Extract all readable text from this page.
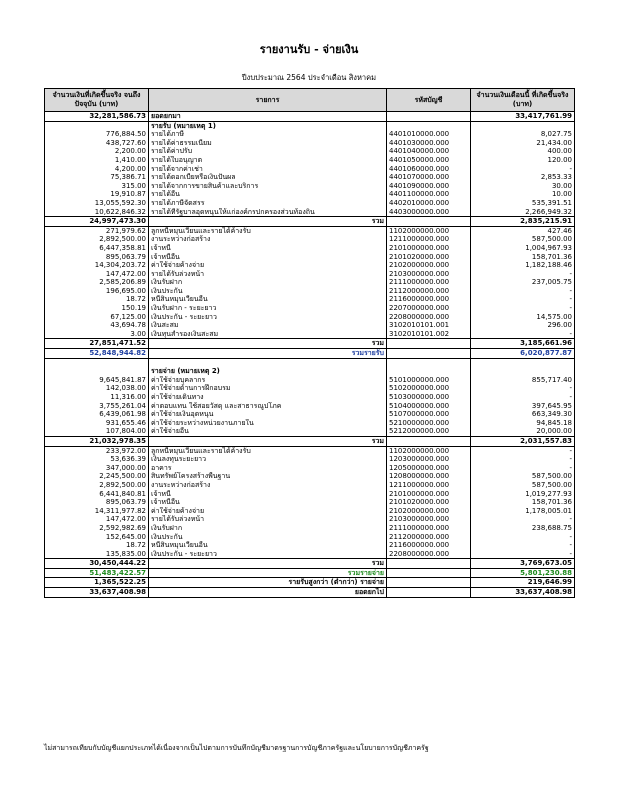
รายงานรับ - จ่ายเงิน
ปีงบประมาณ 2564 ประจำเดือน สิงหาคม
จำนวนเงินที่เกิดขึ้นจริง จนถึงปัจจุบัน (บาท)	รายการ	รหัสบัญชี	จำนวนเงินเดือนนี้ ที่เกิดขึ้นจริง (บาท)
32,281,586.73	ยอดยกมา		33,417,761.99
	รายรับ (หมายเหตุ 1)		
776,884.50	รายได้ภาษี	4401010000.000	8,027.75
438,727.60	รายได้ค่าธรรมเนียม	4401030000.000	21,434.00
2,200.00	รายได้ค่าปรับ	4401040000.000	400.00
1,410.00	รายได้ใบอนุญาต	4401050000.000	120.00
4,200.00	รายได้จากค่าเช่า	4401060000.000	-
75,386.71	รายได้ดอกเบี้ยหรือเงินปันผล	4401070000.000	2,853.33
315.00	รายได้จากการขายสินค้าและบริการ	4401090000.000	30.00
19,910.87	รายได้อื่น	4401100000.000	10.00
13,055,592.30	รายได้ภาษีจัดสรร	4402010000.000	535,391.51
10,622,846.32	รายได้ที่รัฐบาลอุดหนุนให้แก่องค์กรปกครองส่วนท้องถิ่น	4403000000.000	2,266,949.32
24,997,473.30	รวม		2,835,215.91
271,979.62	ลูกหนี้หมุนเวียนและรายได้ค้างรับ	1102000000.000	427.46
2,892,500.00	งานระหว่างก่อสร้าง	1211000000.000	587,500.00
6,447,358.81	เจ้าหนี้	2101000000.000	1,004,967.93
895,063.79	เจ้าหนี้อื่น	2101020000.000	158,701.36
14,304,203.72	ค่าใช้จ่ายค้างจ่าย	2102000000.000	1,182,188.46
147,472.00	รายได้รับล่วงหน้า	2103000000.000	-
2,585,206.89	เงินรับฝาก	2111000000.000	237,005.75
196,695.00	เงินประกัน	2112000000.000	-
18.72	หนี้สินหมุนเวียนอื่น	2116000000.000	-
150.19	เงินรับฝาก - ระยะยาว	2207000000.000	-
67,125.00	เงินประกัน - ระยะยาว	2208000000.000	14,575.00
43,694.78	เงินสะสม	3102010101.001	296.00
3.00	เงินทุนสำรองเงินสะสม	3102010101.002	-
27,851,471.52	รวม		3,185,661.96
52,848,944.82	รวมรายรับ		6,020,877.87

	รายจ่าย (หมายเหตุ 2)		
9,645,841.87	ค่าใช้จ่ายบุคลากร	5101000000.000	855,717.40
142,038.00	ค่าใช้จ่ายด้านการฝึกอบรม	5102000000.000	-
11,316.00	ค่าใช้จ่ายเดินทาง	5103000000.000	-
3,755,261.04	ค่าตอบแทน ใช้สอยวัสดุ และสาธารณูปโภค	5104000000.000	397,645.95
6,439,061.98	ค่าใช้จ่ายเงินอุดหนุน	5107000000.000	663,349.30
931,655.46	ค่าใช้จ่ายระหว่างหน่วยงานภายใน	5210000000.000	94,845.18
107,804.00	ค่าใช้จ่ายอื่น	5212000000.000	20,000.00
21,032,978.35	รวม		2,031,557.83
233,972.00	ลูกหนี้หมุนเวียนและรายได้ค้างรับ	1102000000.000	-
53,636.39	เงินลงทุนระยะยาว	1203000000.000	-
347,000.00	อาคาร	1205000000.000	-
2,245,500.00	สินทรัพย์โครงสร้างพื้นฐาน	1208000000.000	587,500.00
2,892,500.00	งานระหว่างก่อสร้าง	1211000000.000	587,500.00
6,441,840.81	เจ้าหนี้	2101000000.000	1,019,277.93
895,063.79	เจ้าหนี้อื่น	2101020000.000	158,701.36
14,311,977.82	ค่าใช้จ่ายค้างจ่าย	2102000000.000	1,178,005.01
147,472.00	รายได้รับล่วงหน้า	2103000000.000	-
2,592,982.69	เงินรับฝาก	2111000000.000	238,688.75
152,645.00	เงินประกัน	2112000000.000	-
18.72	หนี้สินหมุนเวียนอื่น	2116000000.000	-
135,835.00	เงินประกัน - ระยะยาว	2208000000.000	-
30,450,444.22	รวม		3,769,673.05
51,483,422.57	รวมรายจ่าย		5,801,230.88
1,365,522.25	รายรับสูงกว่า (ต่ำกว่า) รายจ่าย		219,646.99
33,637,408.98	ยอดยกไป		33,637,408.98
ไม่สามารถเทียบกับบัญชีแยกประเภทได้เนื่องจากเป็นไปตามการบันทึกบัญชีมาตรฐานการบัญชีภาครัฐและนโยบายการบัญชีภาครัฐ
